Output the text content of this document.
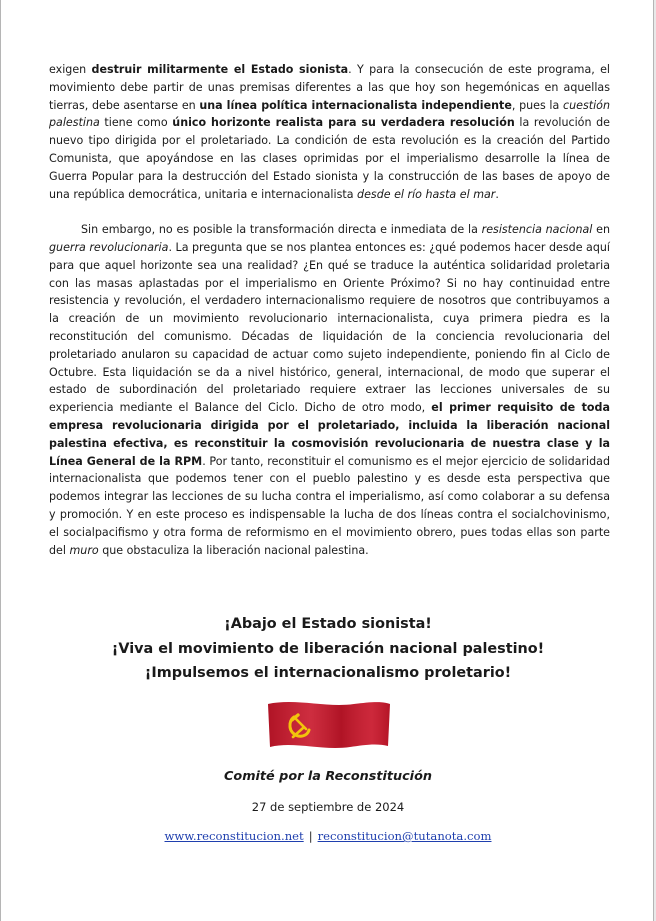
exigen destruir militarmente el Estado sionista. Y para la consecución de este programa, el movimiento debe partir de unas premisas diferentes a las que hoy son hegemónicas en aquellas tierras, debe asentarse en una línea política internacionalista independiente, pues la cuestión palestina tiene como único horizonte realista para su verdadera resolución la revolución de nuevo tipo dirigida por el proletariado. La condición de esta revolución es la creación del Partido Comunista, que apoyándose en las clases oprimidas por el imperialismo desarrolle la línea de Guerra Popular para la destrucción del Estado sionista y la construcción de las bases de apoyo de una república democrática, unitaria e internacionalista desde el río hasta el mar.

Sin embargo, no es posible la transformación directa e inmediata de la resistencia nacional en guerra revolucionaria. La pregunta que se nos plantea entonces es: ¿qué podemos hacer desde aquí para que aquel horizonte sea una realidad? ¿En qué se traduce la auténtica solidaridad proletaria con las masas aplastadas por el imperialismo en Oriente Próximo? Si no hay continuidad entre resistencia y revolución, el verdadero internacionalismo requiere de nosotros que contribuyamos a la creación de un movimiento revolucionario internacionalista, cuya primera piedra es la reconstitución del comunismo. Décadas de liquidación de la conciencia revolucionaria del proletariado anularon su capacidad de actuar como sujeto independiente, poniendo fin al Ciclo de Octubre. Esta liquidación se da a nivel histórico, general, internacional, de modo que superar el estado de subordinación del proletariado requiere extraer las lecciones universales de su experiencia mediante el Balance del Ciclo. Dicho de otro modo, el primer requisito de toda empresa revolucionaria dirigida por el proletariado, incluida la liberación nacional palestina efectiva, es reconstituir la cosmovisión revolucionaria de nuestra clase y la Línea General de la RPM. Por tanto, reconstituir el comunismo es el mejor ejercicio de solidaridad internacionalista que podemos tener con el pueblo palestino y es desde esta perspectiva que podemos integrar las lecciones de su lucha contra el imperialismo, así como colaborar a su defensa y promoción. Y en este proceso es indispensable la lucha de dos líneas contra el socialchovinismo, el socialpacifismo y otra forma de reformismo en el movimiento obrero, pues todas ellas son parte del muro que obstaculiza la liberación nacional palestina.

¡Abajo el Estado sionista!
¡Viva el movimiento de liberación nacional palestino!
¡Impulsemos el internacionalismo proletario!
Comité por la Reconstitución
27 de septiembre de 2024
www.reconstitucion.net | reconstitucion@tutanota.com
